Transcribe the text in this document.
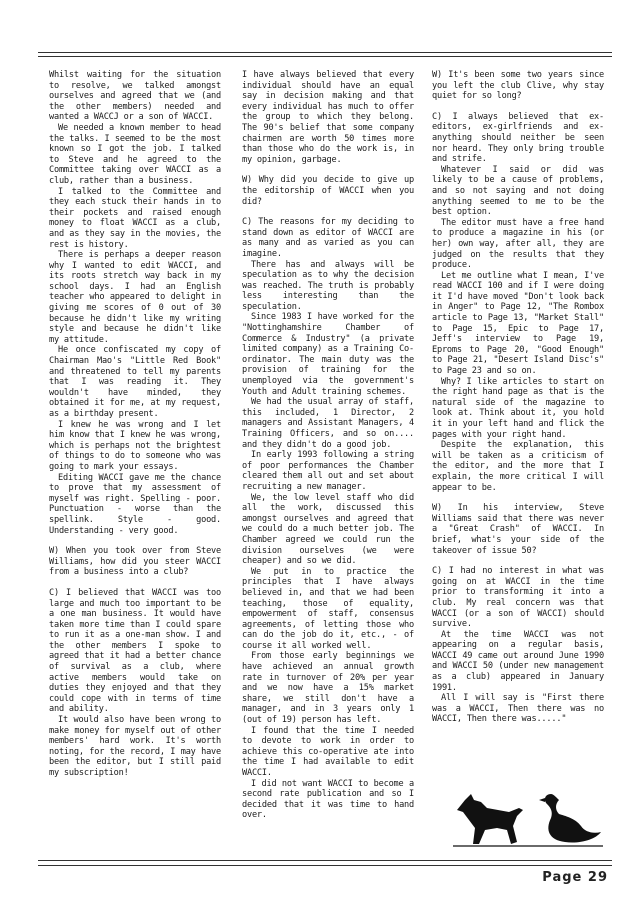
Whilst waiting for the situation to resolve, we talked amongst ourselves and agreed that we (and the other members) needed and wanted a WACCJ or a son of WACCI.

We needed a known member to head the talks. I seemed to be the most known so I got the job. I talked to Steve and he agreed to the Committee taking over WACCI as a club, rather than a business.

I talked to the Committee and they each stuck their hands in to their pockets and raised enough money to float WACCI as a club, and as they say in the movies, the rest is history.

There is perhaps a deeper reason why I wanted to edit WACCI, and its roots stretch way back in my school days. I had an English teacher who appeared to delight in giving me scores of 0 out of 30 because he didn't like my writing style and because he didn't like my attitude.

He once confiscated my copy of Chairman Mao's "Little Red Book" and threatened to tell my parents that I was reading it. They wouldn't have minded, they obtained it for me, at my request, as a birthday present.

I knew he was wrong and I let him know that I knew he was wrong, which is perhaps not the brightest of things to do to someone who was going to mark your essays.

Editing WACCI gave me the chance to prove that my assessment of myself was right. Spelling - poor. Punctuation - worse than the spellink. Style - good. Understanding - very good.

W) When you took over from Steve Williams, how did you steer WACCI from a business into a club?

C) I believed that WACCI was too large and much too important to be a one man business. It would have taken more time than I could spare to run it as a one-man show. I and the other members I spoke to agreed that it had a better chance of survival as a club, where active members would take on duties they enjoyed and that they could cope with in terms of time and ability.

It would also have been wrong to make money for myself out of other members' hard work. It's worth noting, for the record, I may have been the editor, but I still paid my subscription!

I have always believed that every individual should have an equal say in decision making and that every individual has much to offer the group to which they belong. The 90's belief that some company chairmen are worth 50 times more than those who do the work is, in my opinion, garbage.

W) Why did you decide to give up the editorship of WACCI when you did?

C) The reasons for my deciding to stand down as editor of WACCI are as many and as varied as you can imagine.

There has and always will be speculation as to why the decision was reached. The truth is probably less interesting than the speculation.

Since 1983 I have worked for the "Nottinghamshire Chamber of Commerce & Industry" (a private limited company) as a Training Co-ordinator. The main duty was the provision of training for the unemployed via the government's Youth and Adult training schemes.

We had the usual array of staff, this included, 1 Director, 2 managers and Assistant Managers, 4 Training Officers, and so on.... and they didn't do a good job.

In early 1993 following a string of poor performances the Chamber cleared them all out and set about recruiting a new manager.

We, the low level staff who did all the work, discussed this amongst ourselves and agreed that we could do a much better job. The Chamber agreed we could run the division ourselves (we were cheaper) and so we did.

We put in to practice the principles that I have always believed in, and that we had been teaching, those of equality, empowerment of staff, consensus agreements, of letting those who can do the job do it, etc., - of course it all worked well.

From those early beginnings we have achieved an annual growth rate in turnover of 20% per year and we now have a 15% market share, we still don't have a manager, and in 3 years only 1 (out of 19) person has left.

I found that the time I needed to devote to work in order to achieve this co-operative ate into the time I had available to edit WACCI.

I did not want WACCI to become a second rate publication and so I decided that it was time to hand over.

W) It's been some two years since you left the club Clive, why stay quiet for so long?

C) I always believed that ex-editors, ex-girlfriends and ex-anything should neither be seen nor heard. They only bring trouble and strife.

Whatever I said or did was likely to be a cause of problems, and so not saying and not doing anything seemed to me to be the best option.

The editor must have a free hand to produce a magazine in his (or her) own way, after all, they are judged on the results that they produce.

Let me outline what I mean, I've read WACCI 100 and if I were doing it I'd have moved "Don't look back in Anger" to Page 12, "The Rombox article to Page 13, "Market Stall" to Page 15, Epic to Page 17, Jeff's interview to Page 19, Eproms to Page 20, "Good Enough" to Page 21, "Desert Island Disc's" to Page 23 and so on.

Why? I like articles to start on the right hand page as that is the natural side of the magazine to look at. Think about it, you hold it in your left hand and flick the pages with your right hand.

Despite the explanation, this will be taken as a criticism of the editor, and the more that I explain, the more critical I will appear to be.

W) In his interview, Steve Williams said that there was never a "Great Crash" of WACCI. In brief, what's your side of the takeover of issue 50?

C) I had no interest in what was going on at WACCI in the time prior to transforming it into a club. My real concern was that WACCI (or a son of WACCI) should survive.

At the time WACCI was not appearing on a regular basis, WACCI 49 came out around June 1990 and WACCI 50 (under new management as a club) appeared in January 1991.

All I will say is "First there was a WACCI, Then there was no WACCI, Then there was....."

Page 29
